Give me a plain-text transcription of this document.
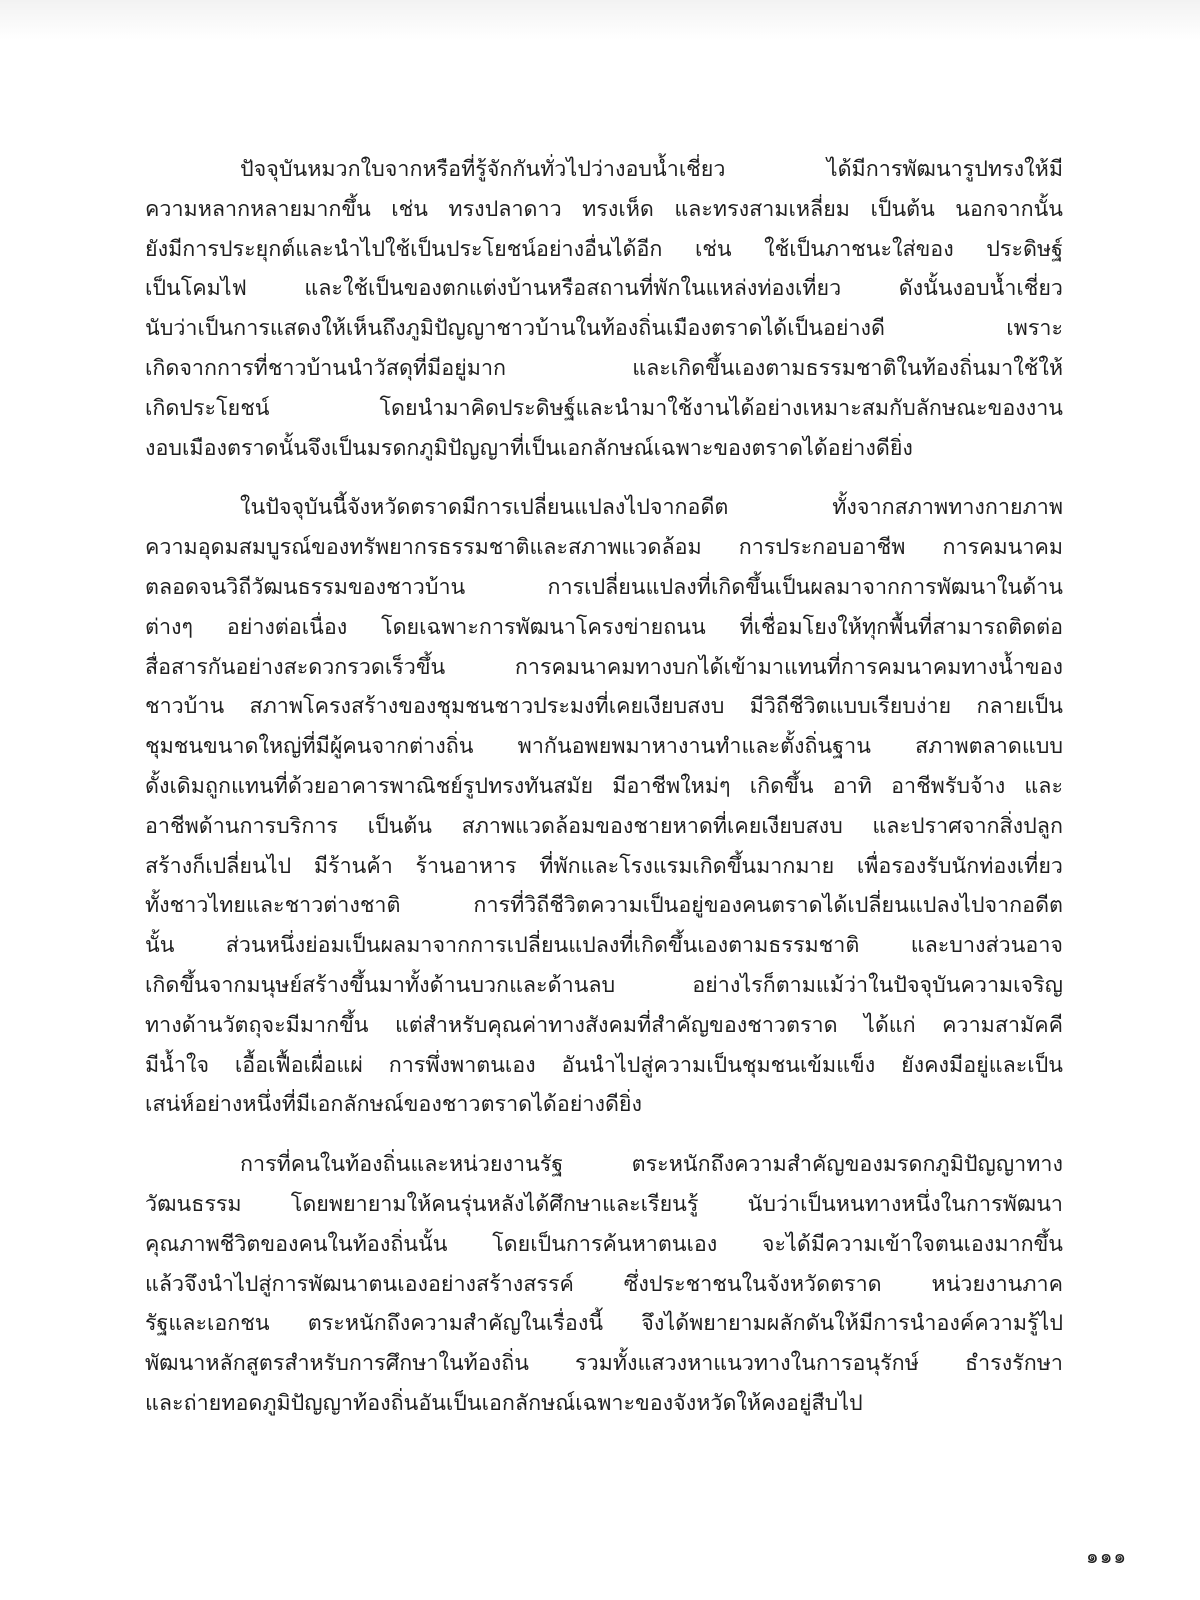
ปัจจุบันหมวกใบจากหรือที่รู้จักกันทั่วไปว่างอบน้ำเชี่ยว ได้มีการพัฒนารูปทรงให้มี
ความหลากหลายมากขึ้น เช่น ทรงปลาดาว ทรงเห็ด และทรงสามเหลี่ยม เป็นต้น นอกจากนั้น
ยังมีการประยุกต์และนำไปใช้เป็นประโยชน์อย่างอื่นได้อีก เช่น ใช้เป็นภาชนะใส่ของ ประดิษฐ์
เป็นโคมไฟ และใช้เป็นของตกแต่งบ้านหรือสถานที่พักในแหล่งท่องเที่ยว ดังนั้นงอบน้ำเชี่ยว
นับว่าเป็นการแสดงให้เห็นถึงภูมิปัญญาชาวบ้านในท้องถิ่นเมืองตราดได้เป็นอย่างดี เพราะ
เกิดจากการที่ชาวบ้านนำวัสดุที่มีอยู่มาก และเกิดขึ้นเองตามธรรมชาติในท้องถิ่นมาใช้ให้
เกิดประโยชน์ โดยนำมาคิดประดิษฐ์และนำมาใช้งานได้อย่างเหมาะสมกับลักษณะของงาน
งอบเมืองตราดนั้นจึงเป็นมรดกภูมิปัญญาที่เป็นเอกลักษณ์เฉพาะของตราดได้อย่างดียิ่ง
ในปัจจุบันนี้จังหวัดตราดมีการเปลี่ยนแปลงไปจากอดีต ทั้งจากสภาพทางกายภาพ
ความอุดมสมบูรณ์ของทรัพยากรธรรมชาติและสภาพแวดล้อม การประกอบอาชีพ การคมนาคม
ตลอดจนวิถีวัฒนธรรมของชาวบ้าน การเปลี่ยนแปลงที่เกิดขึ้นเป็นผลมาจากการพัฒนาในด้าน
ต่างๆ อย่างต่อเนื่อง โดยเฉพาะการพัฒนาโครงข่ายถนน ที่เชื่อมโยงให้ทุกพื้นที่สามารถติดต่อ
สื่อสารกันอย่างสะดวกรวดเร็วขึ้น การคมนาคมทางบกได้เข้ามาแทนที่การคมนาคมทางน้ำของ
ชาวบ้าน สภาพโครงสร้างของชุมชนชาวประมงที่เคยเงียบสงบ มีวิถีชีวิตแบบเรียบง่าย กลายเป็น
ชุมชนขนาดใหญ่ที่มีผู้คนจากต่างถิ่น พากันอพยพมาหางานทำและตั้งถิ่นฐาน สภาพตลาดแบบ
ดั้งเดิมถูกแทนที่ด้วยอาคารพาณิชย์รูปทรงทันสมัย มีอาชีพใหม่ๆ เกิดขึ้น อาทิ อาชีพรับจ้าง และ
อาชีพด้านการบริการ เป็นต้น สภาพแวดล้อมของชายหาดที่เคยเงียบสงบ และปราศจากสิ่งปลูก
สร้างก็เปลี่ยนไป มีร้านค้า ร้านอาหาร ที่พักและโรงแรมเกิดขึ้นมากมาย เพื่อรองรับนักท่องเที่ยว
ทั้งชาวไทยและชาวต่างชาติ การที่วิถีชีวิตความเป็นอยู่ของคนตราดได้เปลี่ยนแปลงไปจากอดีต
นั้น ส่วนหนึ่งย่อมเป็นผลมาจากการเปลี่ยนแปลงที่เกิดขึ้นเองตามธรรมชาติ และบางส่วนอาจ
เกิดขึ้นจากมนุษย์สร้างขึ้นมาทั้งด้านบวกและด้านลบ อย่างไรก็ตามแม้ว่าในปัจจุบันความเจริญ
ทางด้านวัตถุจะมีมากขึ้น แต่สำหรับคุณค่าทางสังคมที่สำคัญของชาวตราด ได้แก่ ความสามัคคี
มีน้ำใจ เอื้อเฟื้อเผื่อแผ่ การพึ่งพาตนเอง อันนำไปสู่ความเป็นชุมชนเข้มแข็ง ยังคงมีอยู่และเป็น
เสน่ห์อย่างหนึ่งที่มีเอกลักษณ์ของชาวตราดได้อย่างดียิ่ง
การที่คนในท้องถิ่นและหน่วยงานรัฐ ตระหนักถึงความสำคัญของมรดกภูมิปัญญาทาง
วัฒนธรรม โดยพยายามให้คนรุ่นหลังได้ศึกษาและเรียนรู้ นับว่าเป็นหนทางหนึ่งในการพัฒนา
คุณภาพชีวิตของคนในท้องถิ่นนั้น โดยเป็นการค้นหาตนเอง จะได้มีความเข้าใจตนเองมากขึ้น
แล้วจึงนำไปสู่การพัฒนาตนเองอย่างสร้างสรรค์ ซึ่งประชาชนในจังหวัดตราด หน่วยงานภาค
รัฐและเอกชน ตระหนักถึงความสำคัญในเรื่องนี้ จึงได้พยายามผลักดันให้มีการนำองค์ความรู้ไป
พัฒนาหลักสูตรสำหรับการศึกษาในท้องถิ่น รวมทั้งแสวงหาแนวทางในการอนุรักษ์ ธำรงรักษา
และถ่ายทอดภูมิปัญญาท้องถิ่นอันเป็นเอกลักษณ์เฉพาะของจังหวัดให้คงอยู่สืบไป
๑๑๑
